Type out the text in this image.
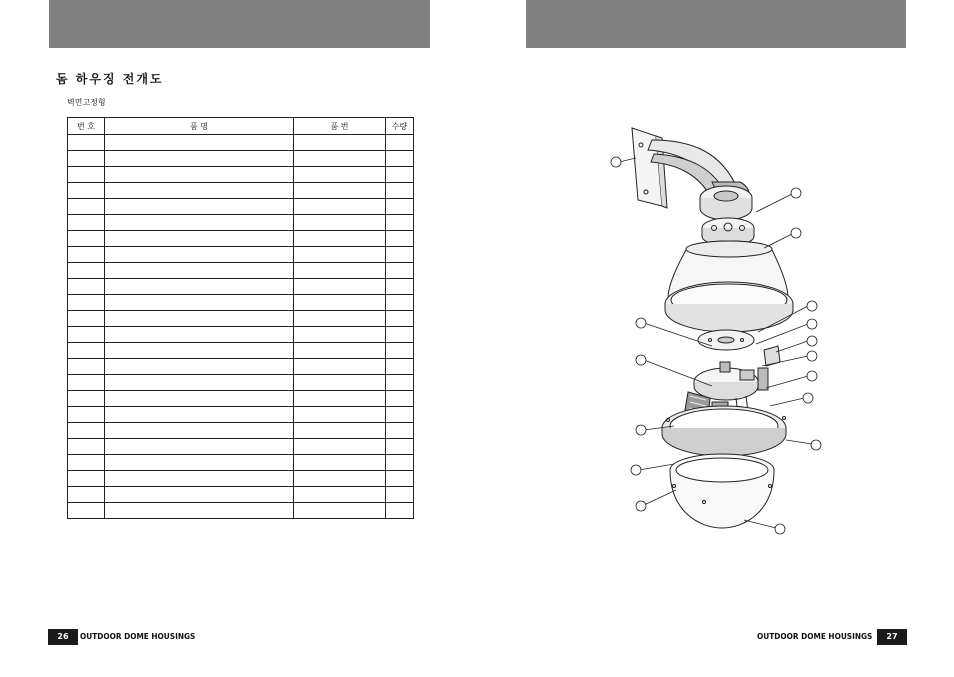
돔 하우징 전개도
벽면고정형
번 호	품 명	품 번	수량

26	OUTDOOR DOME HOUSINGS	OUTDOOR DOME HOUSINGS	27
